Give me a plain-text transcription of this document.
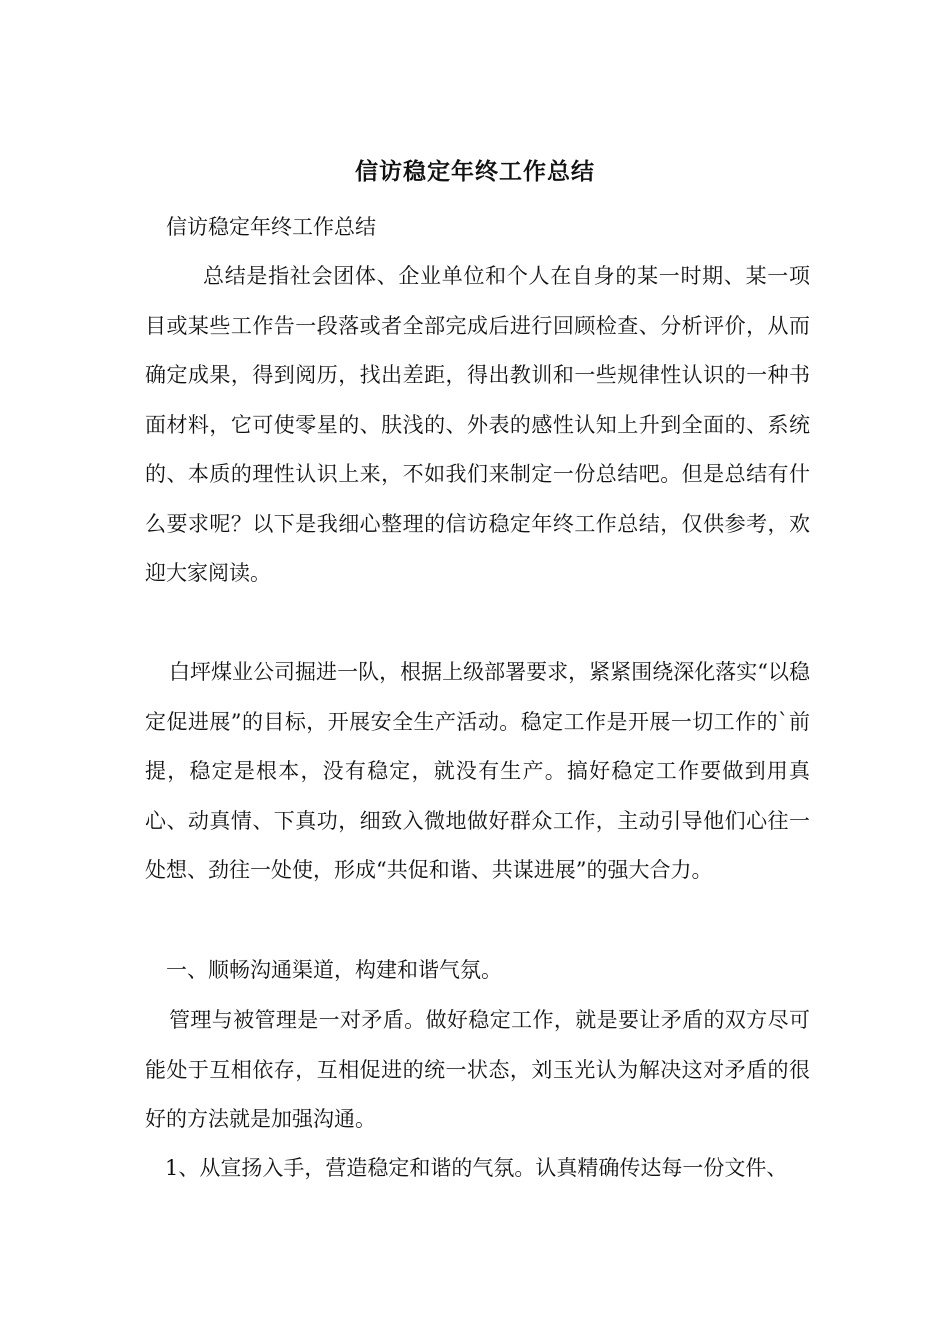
信访稳定年终工作总结

信访稳定年终工作总结

总结是指社会团体、企业单位和个人在自身的某一时期、某一项目或某些工作告一段落或者全部完成后进行回顾检查、分析评价，从而确定成果，得到阅历，找出差距，得出教训和一些规律性认识的一种书面材料，它可使零星的、肤浅的、外表的感性认知上升到全面的、系统的、本质的理性认识上来，不如我们来制定一份总结吧。但是总结有什么要求呢？以下是我细心整理的信访稳定年终工作总结，仅供参考，欢迎大家阅读。

白坪煤业公司掘进一队，根据上级部署要求，紧紧围绕深化落实“以稳定促进展”的目标，开展安全生产活动。稳定工作是开展一切工作的`前提，稳定是根本，没有稳定，就没有生产。搞好稳定工作要做到用真心、动真情、下真功，细致入微地做好群众工作，主动引导他们心往一处想、劲往一处使，形成“共促和谐、共谋进展”的强大合力。

一、顺畅沟通渠道，构建和谐气氛。

管理与被管理是一对矛盾。做好稳定工作，就是要让矛盾的双方尽可能处于互相依存，互相促进的统一状态，刘玉光认为解决这对矛盾的很好的方法就是加强沟通。

1、从宣扬入手，营造稳定和谐的气氛。认真精确传达每一份文件、
